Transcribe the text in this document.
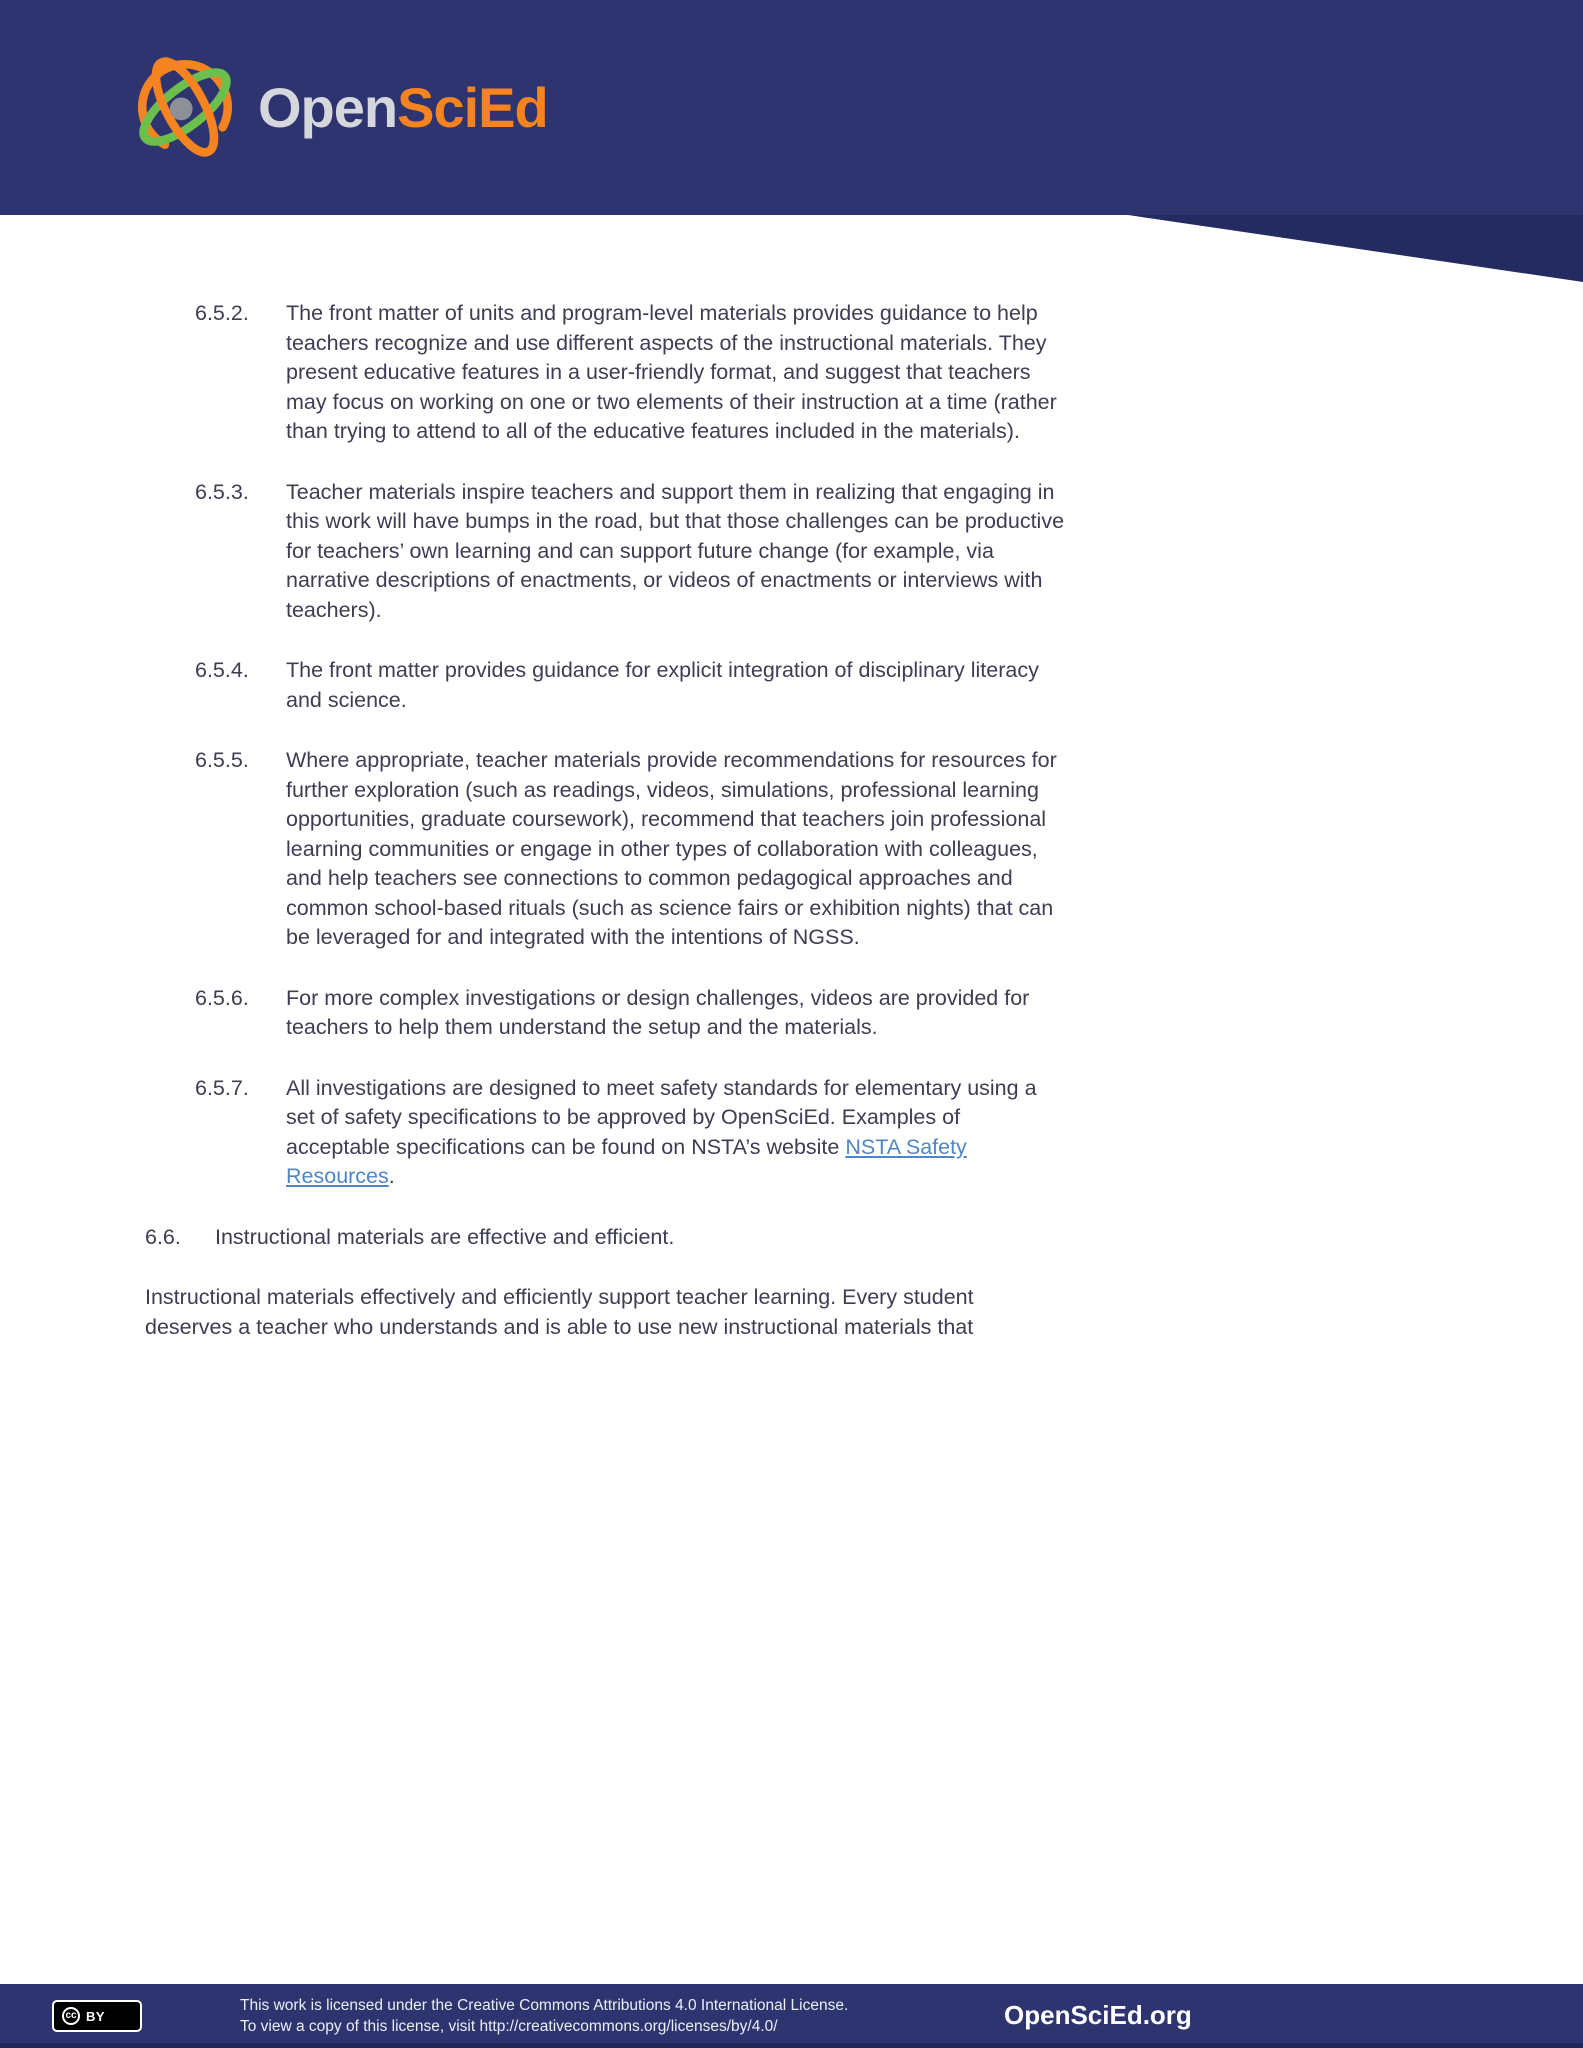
OpenSciEd
6.5.2.	The front matter of units and program-level materials provides guidance to help teachers recognize and use different aspects of the instructional materials. They present educative features in a user-friendly format, and suggest that teachers may focus on working on one or two elements of their instruction at a time (rather than trying to attend to all of the educative features included in the materials).
6.5.3.	Teacher materials inspire teachers and support them in realizing that engaging in this work will have bumps in the road, but that those challenges can be productive for teachers’ own learning and can support future change (for example, via narrative descriptions of enactments, or videos of enactments or interviews with teachers).
6.5.4.	The front matter provides guidance for explicit integration of disciplinary literacy and science.
6.5.5.	Where appropriate, teacher materials provide recommendations for resources for further exploration (such as readings, videos, simulations, professional learning opportunities, graduate coursework), recommend that teachers join professional learning communities or engage in other types of collaboration with colleagues, and help teachers see connections to common pedagogical approaches and common school-based rituals (such as science fairs or exhibition nights) that can be leveraged for and integrated with the intentions of NGSS.
6.5.6.	For more complex investigations or design challenges, videos are provided for teachers to help them understand the setup and the materials.
6.5.7.	All investigations are designed to meet safety standards for elementary using a set of safety specifications to be approved by OpenSciEd. Examples of acceptable specifications can be found on NSTA’s website NSTA Safety Resources.
6.6.	Instructional materials are effective and efficient.

Instructional materials effectively and efficiently support teacher learning. Every student deserves a teacher who understands and is able to use new instructional materials that

cc BY
This work is licensed under the Creative Commons Attributions 4.0 International License.
To view a copy of this license, visit http://creativecommons.org/licenses/by/4.0/	OpenSciEd.org
